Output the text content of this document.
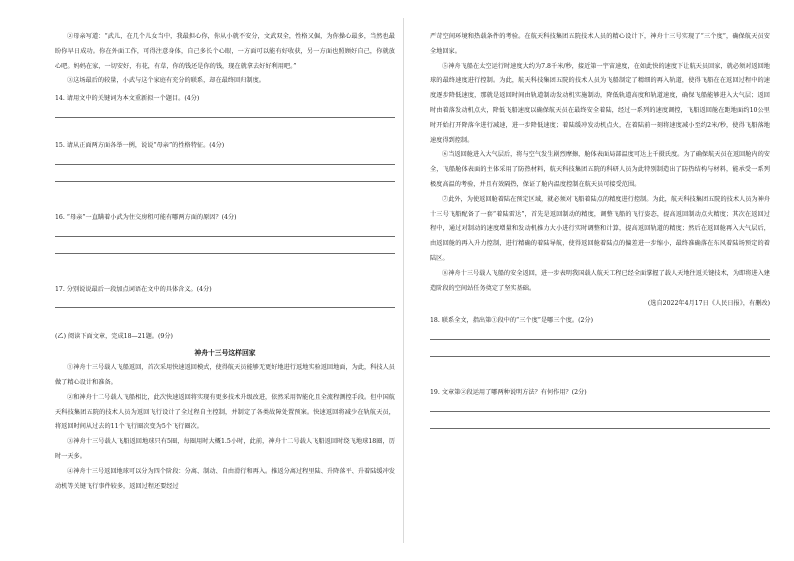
②母亲写道：“武儿，在几个儿女当中，我最担心你，你从小就不安分，文武双全，性格又倔，为你操心最多，当然也最盼你早日成功。你在外面工作，可得注意身体，自己多长个心眼，一方面可以能有好收获，另一方面也照顾好自己，你就放心吧。妈妈在家，一切安好，有花，有草，你的钱还是你的钱，现在就拿去好好利用吧。”

③这场最后的较量，小武与这个家庭有充分的联系，却在最终回归制度。

14. 请用文中的关键词为本文重新拟一个题目。(4分)

15. 请从正面两方面各举一例，说说“母亲”的性格特征。(4分)

16. “母亲”一直瞒着小武为住交房租可能有哪两方面的原因？(4分)

17. 分别说说最后一段加点词语在文中的具体含义。(4分)

(乙) 阅读下面文章，完成18—21题。(9分)

神舟十三号这样回家

①神舟十三号载人飞船返回，首次采用快速返回模式，使得航天员能够无更好地进行返地实验返回地面，为此，科技人员做了精心设计和准备。

②和神舟十二号载人飞船相比，此次快速返回将实现有更多技术升级改进，依然采用智能化且全流程测控手段。但中国航天科技集团五院的技术人员为返回飞行设计了全过程自主控制，并制定了各类故障处置预案。快速返回将减少在轨航天员，将返回时间从过去的11个飞行圈次变为5个飞行圈次。

③神舟十三号载人飞船返回地球只有5圈，每圈用时大概1.5小时，此前，神舟十二号载人飞船返回时绕飞地球18圈，历时一天多。

④神舟十三号返回地球可以分为四个阶段：分离、制动、自由滑行和再入。推返分离过程里陆、升降落平、升着陆缓冲发动机等关键飞行事件较多，返回过程还要经过

严苛空间环境和热载条件的考验。在航天科技集团五院技术人员的精心设计下，神舟十三号实现了“三个度”，确保航天员安全地回家。

⑤神舟飞船在太空运行时速度大约为7.8千米/秒，接近第一宇宙速度，在如此快的速度下让航天员回家，就必须对返回地球的最终速度进行控制。为此，航天科技集团五院的技术人员为飞船制定了精细的再入轨道，使得飞船在在返回过程中的速度逐步降低速度，那就是返回时间由轨道制动发动机实施制动，降低轨道高度和轨道速度，确保飞船能够进入大气层；返回时由着落发动机点火，降低飞船速度以确保航天员在最终安全着陆，经过一系列的速度调控，飞船返回舱在距地面约10公里时开始打开降落伞进行减速，进一步降低速度；着陆缓冲发动机点火，在着陆前一刻将速度减小至约2米/秒，使得飞船落地速度得到控制。

⑥当返回舱进入大气层后，将与空气发生剧烈摩擦，舱体表面局部温度可达上千摄氏度。为了确保航天员在返回舱内的安全，飞船舱体表面的主体采用了防热材料，航天科技集团五院的科研人员为此特别制造出了防热结构与材料，能承受一系列极度高温的考验，并且有效隔热，保证了舱内温度控制在航天员可接受范围。

⑦此外，为使返回舱着陆在预定区域，就必须对飞船着陆点的精度进行控制。为此，航天科技集团五院的技术人员为神舟十三号飞船配备了一套“着陆雷达”，首先是返回制动的精度，调整飞船的飞行姿态，提高返回制动点火精度；其次在返回过程中，通过对制动的速度增量和发动机推力大小进行实时调整和计算，提高返回轨道的精度；然后在返回舱再入大气层后，由返回舱的再入升力控制，进行精确的着陆导航，使得返回舱着陆点的偏差进一步缩小，最终准确落在东风着陆场预定的着陆区。

⑧神舟十三号载人飞船的安全返回，进一步表明我国载人航天工程已经全面掌握了载人天地往返关键技术，为即将进入建造阶段的空间站任务奠定了坚实基础。

(选自2022年4月17日《人民日报》，有删改)

18. 联系全文，指出第①段中的“三个度”是哪三个度。(2分)

19. 文章第②段运用了哪两种说明方法？有何作用？(2分)
